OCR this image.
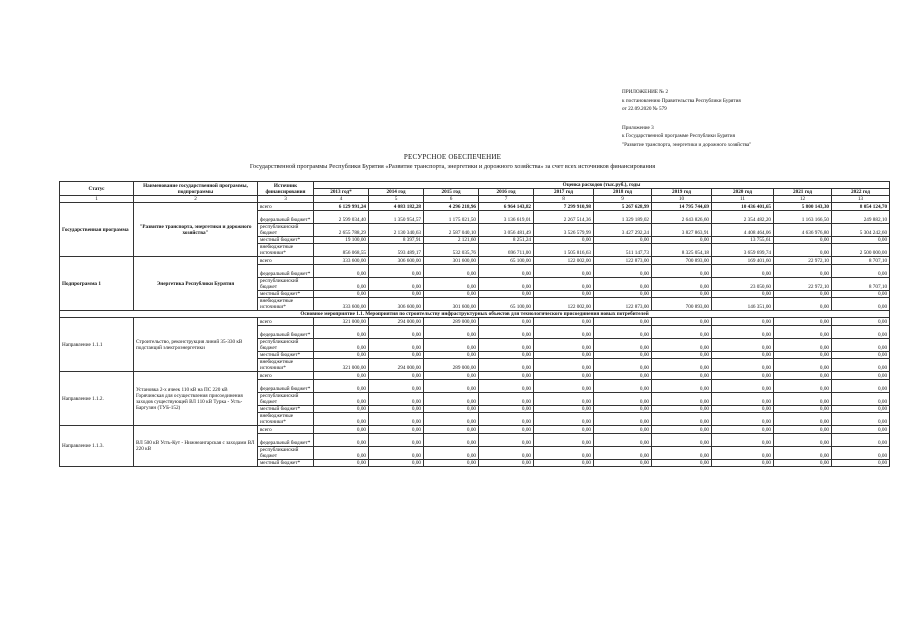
ПРИЛОЖЕНИЕ № 2
к постановлению Правительства Республики Бурятия
от 22.09.2020 № 579
Приложение 3
к Государственной программе Республики Бурятия
"Развитие транспорта, энергетики и дорожного хозяйства"
РЕСУРСНОЕ ОБЕСПЕЧЕНИЕ
Государственной программы Республики Бурятия «Развитие транспорта, энергетики и дорожного хозяйства» за счет всех источников финансирования
Статус	Наименование государственной программы, подпрограммы	Источник финансирования	Оценка расходов (тыс.руб.), годы									
			2013 год*	2014 год	2015 год	2016 год	2017 год	2018 год	2019 год	2020 год	2021 год	2022 год
1	2	3	4	5	6	7	8	9	10	11	12	13
Государственная программа	"Развитие транспорта, энергетики и дорожного хозяйства"	всего	6 129 991,24	4 083 182,28	4 296 218,96	6 964 143,82	7 299 910,98	5 267 628,99	14 795 744,69	10 436 401,65	5 800 143,30	8 054 124,70
		федеральный бюджет*	2 599 034,40	1 350 954,57	1 175 021,50	3 136 619,01	2 267 514,36	1 329 189,02	2 643 826,60	2 354 482,20	1 163 166,50	249 882,10
		республиканский бюджет	2 655 788,29	2 130 340,63	2 587 040,10	3 056 481,49	3 526 579,99	3 427 292,24	3 827 863,91	4 408 464,06	4 636 976,80	5 304 242,60
		местный бюджет*	19 100,00	8 397,91	2 121,60	8 251,24	0,00	0,00	0,00	13 755,61	0,00	0,00
		внебюджетные источники*	856 068,55	593 489,17	532 035,76	696 711,00	1 505 816,63	511 147,73	8 325 054,18	3 659 699,74	0,00	2 500 000,00
Подпрограмма 1	Энергетика Республики Бурятия	всего	333 600,00	306 600,00	301 600,00	65 100,00	122 002,00	122 873,00	700 893,00	169 401,60	22 972,10	8 707,10
		федеральный бюджет*	0,00	0,00	0,00	0,00	0,00	0,00	0,00	0,00	0,00	0,00
		республиканский бюджет	0,00	0,00	0,00	0,00	0,00	0,00	0,00	23 050,60	22 972,10	8 707,10
		местный бюджет*	0,00	0,00	0,00	0,00	0,00	0,00	0,00	0,00	0,00	0,00
		внебюджетные источники*	333 600,00	306 600,00	301 600,00	65 100,00	122 002,00	122 873,00	700 893,00	146 351,00	0,00	0,00
Основное мероприятие 1.1. Мероприятия по строительству инфраструктурных объектов для технологического присоединения новых потребителей												
Направление 1.1.1	Строительство, реконструкция линий 35-330 кВ подстанций электроэнергетики	всего	321 000,00	294 000,00	289 000,00	0,00	0,00	0,00	0,00	0,00	0,00	0,00
		федеральный бюджет*	0,00	0,00	0,00	0,00	0,00	0,00	0,00	0,00	0,00	0,00
		республиканский бюджет	0,00	0,00	0,00	0,00	0,00	0,00	0,00	0,00	0,00	0,00
		местный бюджет*	0,00	0,00	0,00	0,00	0,00	0,00	0,00	0,00	0,00	0,00
		внебюджетные источники*	321 000,00	294 000,00	289 000,00	0,00	0,00	0,00	0,00	0,00	0,00	0,00
Направление 1.1.2.	Установка 2-х ячеек 110 кВ на ПС 220 кВ Горячинская для осуществления присоединения заходов существующей ВЛ 110 кВ Турка - Усть-Баргузин (ТУБ-152)	всего	0,00	0,00	0,00	0,00	0,00	0,00	0,00	0,00	0,00	0,00
		федеральный бюджет*	0,00	0,00	0,00	0,00	0,00	0,00	0,00	0,00	0,00	0,00
		республиканский бюджет	0,00	0,00	0,00	0,00	0,00	0,00	0,00	0,00	0,00	0,00
		местный бюджет*	0,00	0,00	0,00	0,00	0,00	0,00	0,00	0,00	0,00	0,00
		внебюджетные источники*	0,00	0,00	0,00	0,00	0,00	0,00	0,00	0,00	0,00	0,00
Направление 1.1.3.	ВЛ 500 кВ Усть-Кут - Нижнеангарская с заходами ВЛ 220 кВ	всего	0,00	0,00	0,00	0,00	0,00	0,00	0,00	0,00	0,00	0,00
		федеральный бюджет*	0,00	0,00	0,00	0,00	0,00	0,00	0,00	0,00	0,00	0,00
		республиканский бюджет	0,00	0,00	0,00	0,00	0,00	0,00	0,00	0,00	0,00	0,00
		местный бюджет*	0,00	0,00	0,00	0,00	0,00	0,00	0,00	0,00	0,00	0,00
